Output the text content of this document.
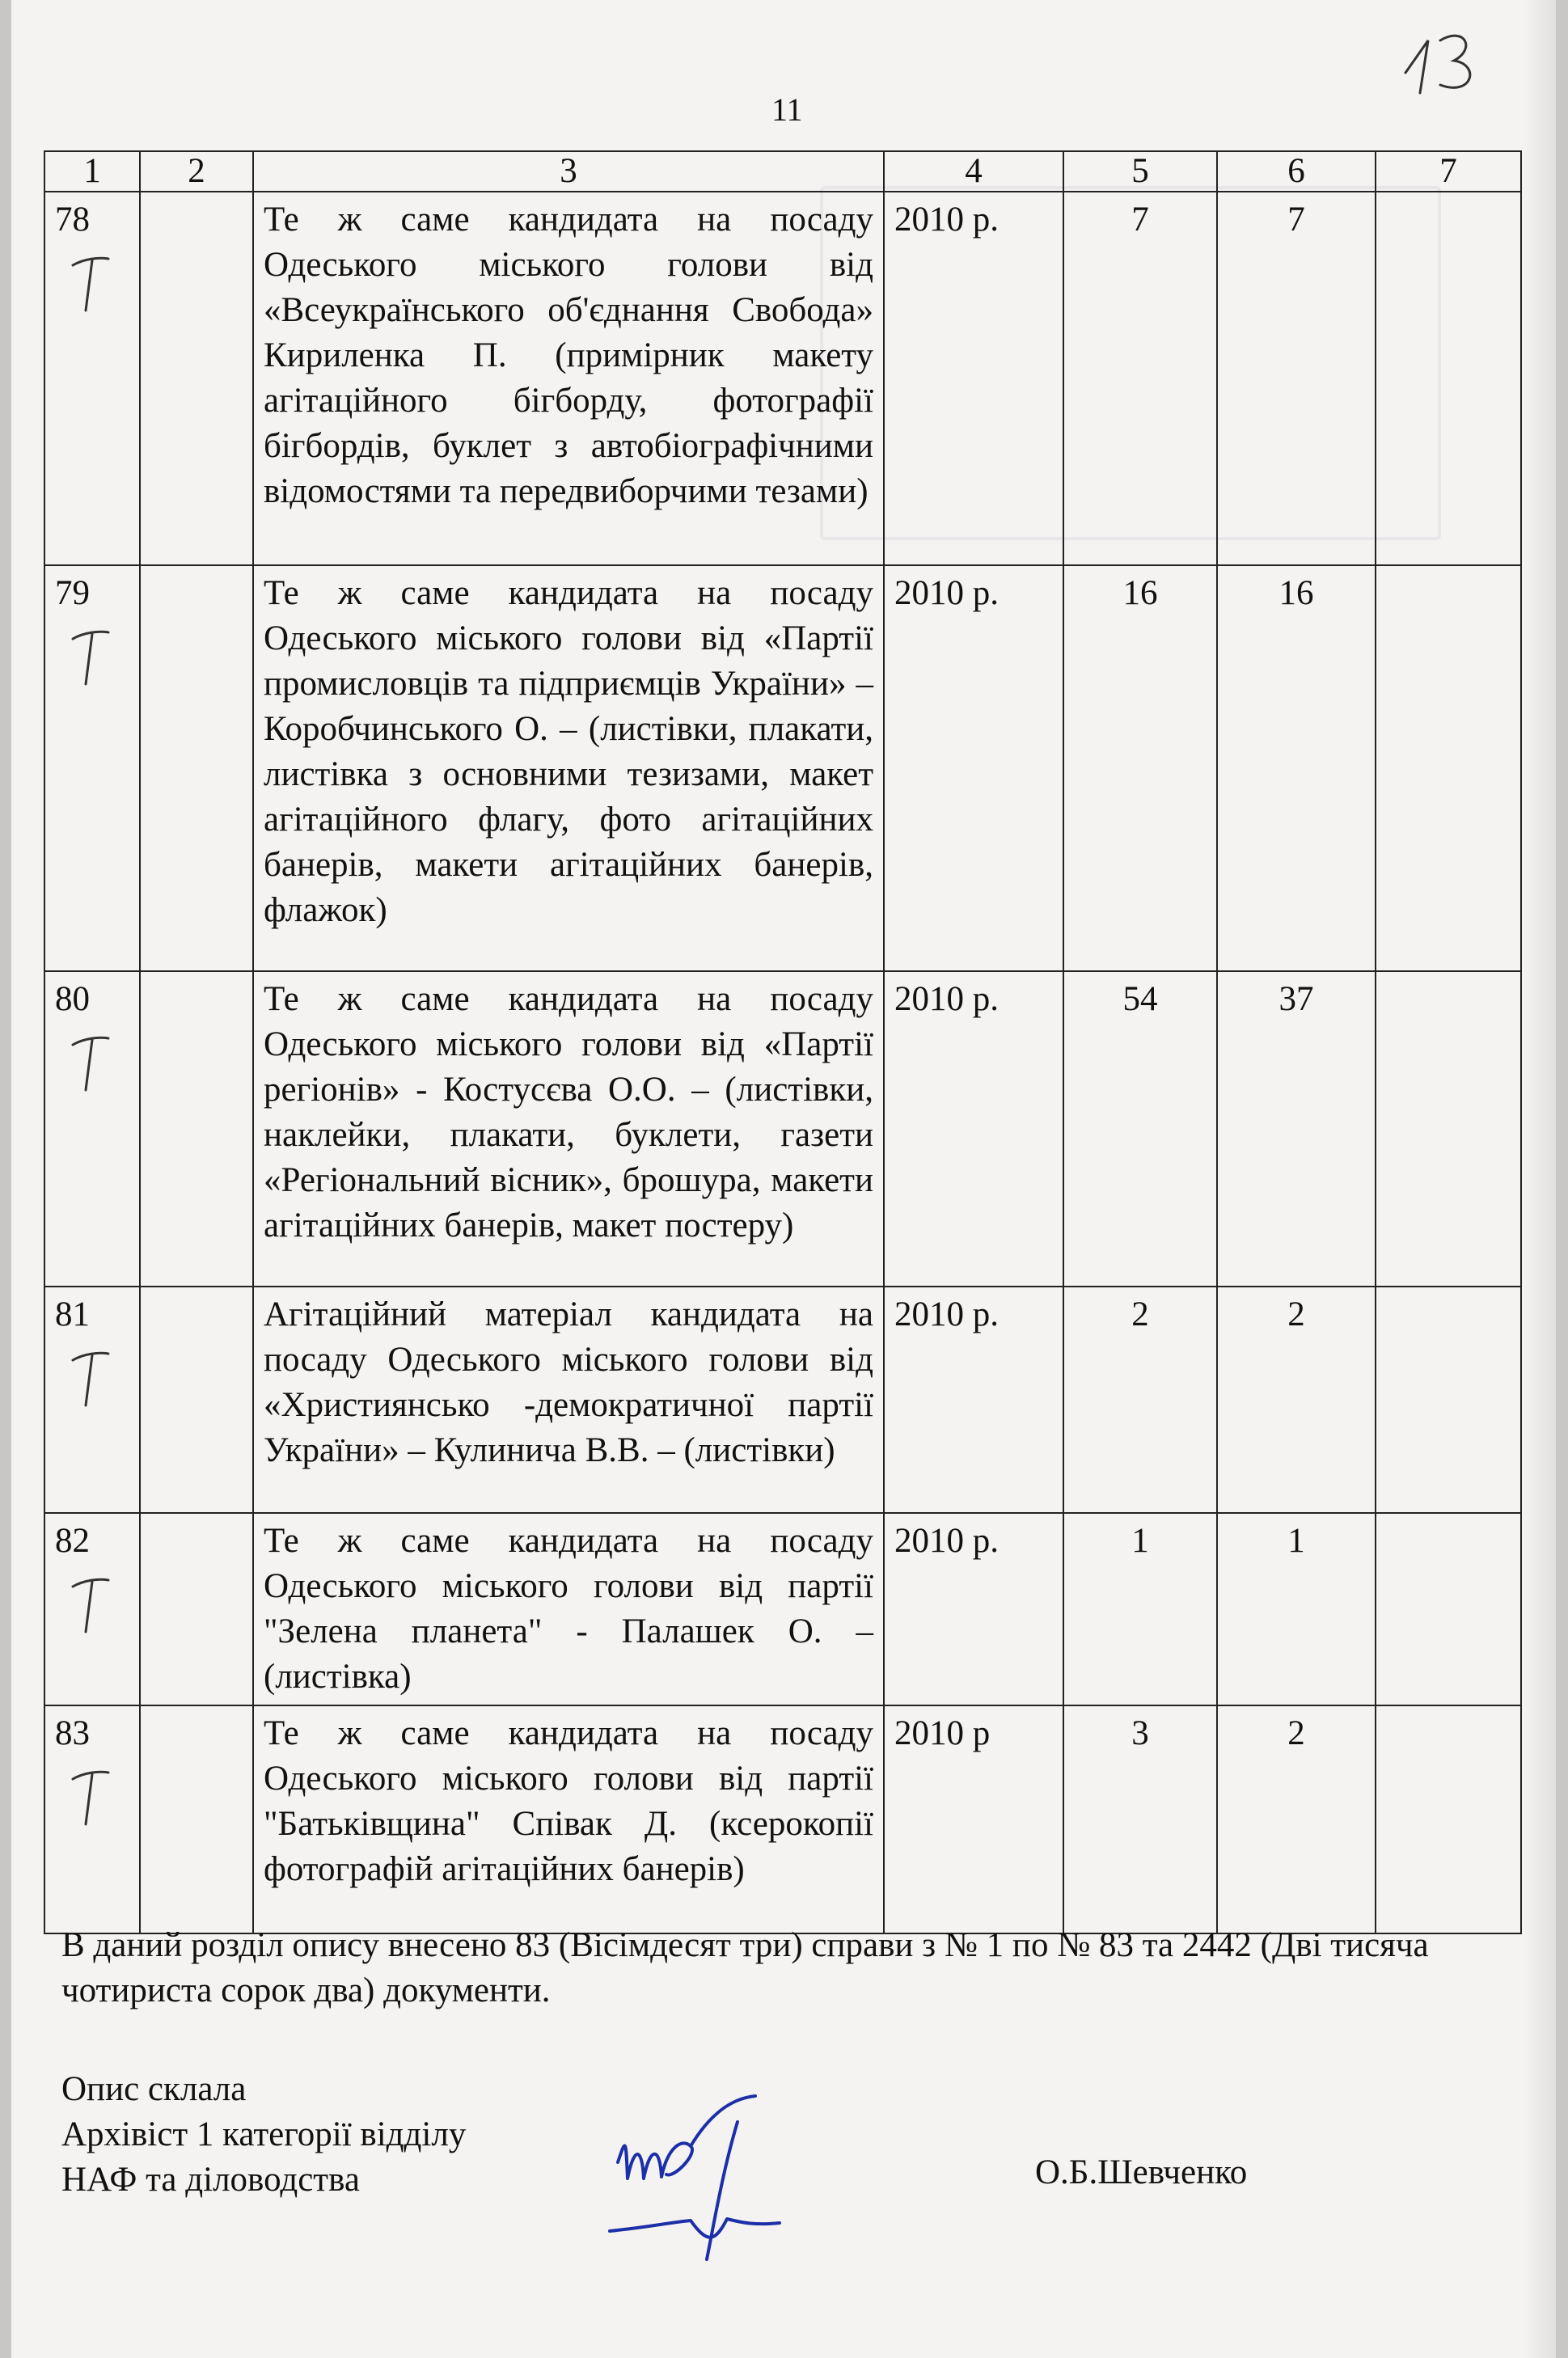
11
1	2	3	4	5	6	7
78		Те ж саме кандидата на посаду Одеського міського голови від «Всеукраїнського об'єднання Свобода» Кириленка П. (примірник макету агітаційного бігборду, фотографії бігбордів, буклет з автобіографічними відомостями та передвиборчими тезами)	2010 р.	7	7	
79		Те ж саме кандидата на посаду Одеського міського голови від «Партії промисловців та підприємців України» – Коробчинського О. – (листівки, плакати, листівка з основними тезизами, макет агітаційного флагу, фото агітаційних банерів, макети агітаційних банерів, флажок)	2010 р.	16	16	
80		Те ж саме кандидата на посаду Одеського міського голови від «Партії регіонів» - Костусєва О.О. – (листівки, наклейки, плакати, буклети, газети «Регіональний вісник», брошура, макети агітаційних банерів, макет постеру)	2010 р.	54	37	
81		Агітаційний матеріал кандидата на посаду Одеського міського голови від «Християнсько -демократичної партії України» – Кулинича В.В. – (листівки)	2010 р.	2	2	
82		Те ж саме кандидата на посаду Одеського міського голови від партії "Зелена планета" - Палашек О. – (листівка)	2010 р.	1	1	
83		Те ж саме кандидата на посаду Одеського міського голови від партії "Батьківщина" Співак Д. (ксерокопії фотографій агітаційних банерів)	2010 р	3	2	
В даний розділ опису внесено 83 (Вісімдесят три) справи з № 1 по № 83 та 2442 (Дві тисяча чотириста сорок два) документи.
Опис склала
Архівіст 1 категорії відділу
НАФ та діловодства	О.Б.Шевченко
